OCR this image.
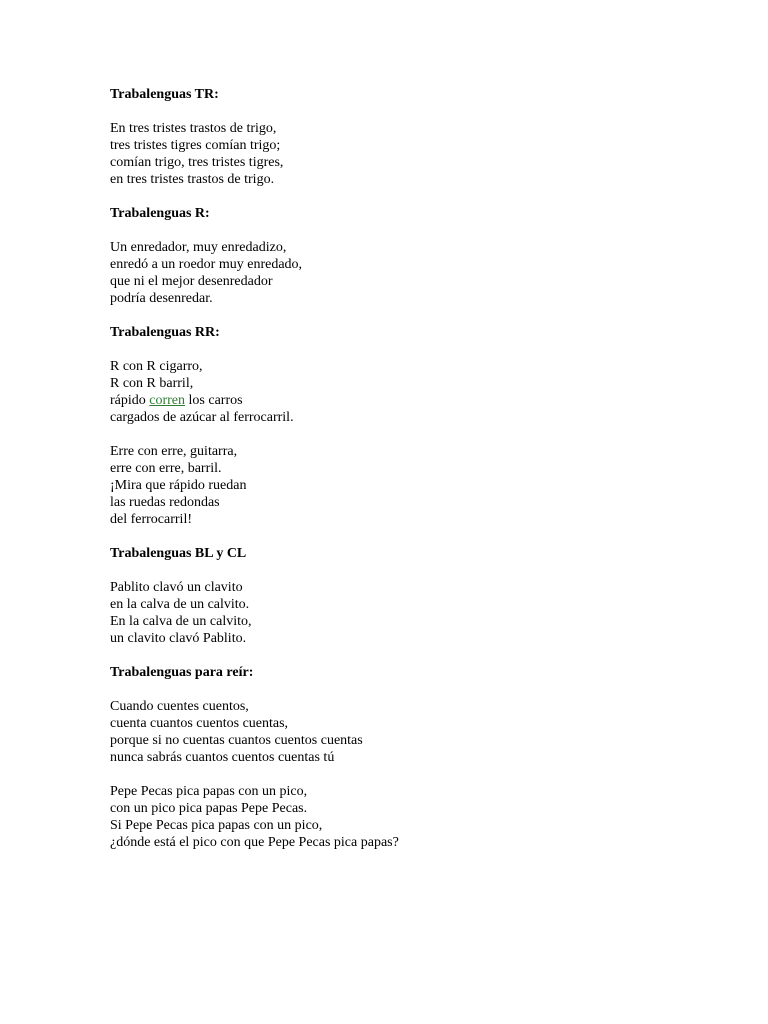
Trabalenguas TR:
En tres tristes trastos de trigo,
tres tristes tigres comían trigo;
comían trigo, tres tristes tigres,
en tres tristes trastos de trigo.
Trabalenguas R:
Un enredador, muy enredadizo,
enredó a un roedor muy enredado,
que ni el mejor desenredador
podría desenredar.
Trabalenguas RR:
R con R cigarro,
R con R barril,
rápido corren los carros
cargados de azúcar al ferrocarril.
Erre con erre, guitarra,
erre con erre, barril.
¡Mira que rápido ruedan
las ruedas redondas
del ferrocarril!
Trabalenguas BL y CL
Pablito clavó un clavito
en la calva de un calvito.
En la calva de un calvito,
un clavito clavó Pablito.
Trabalenguas para reír:
Cuando cuentes cuentos,
cuenta cuantos cuentos cuentas,
porque si no cuentas cuantos cuentos cuentas
nunca sabrás cuantos cuentos cuentas tú
Pepe Pecas pica papas con un pico,
con un pico pica papas Pepe Pecas.
Si Pepe Pecas pica papas con un pico,
¿dónde está el pico con que Pepe Pecas pica papas?
